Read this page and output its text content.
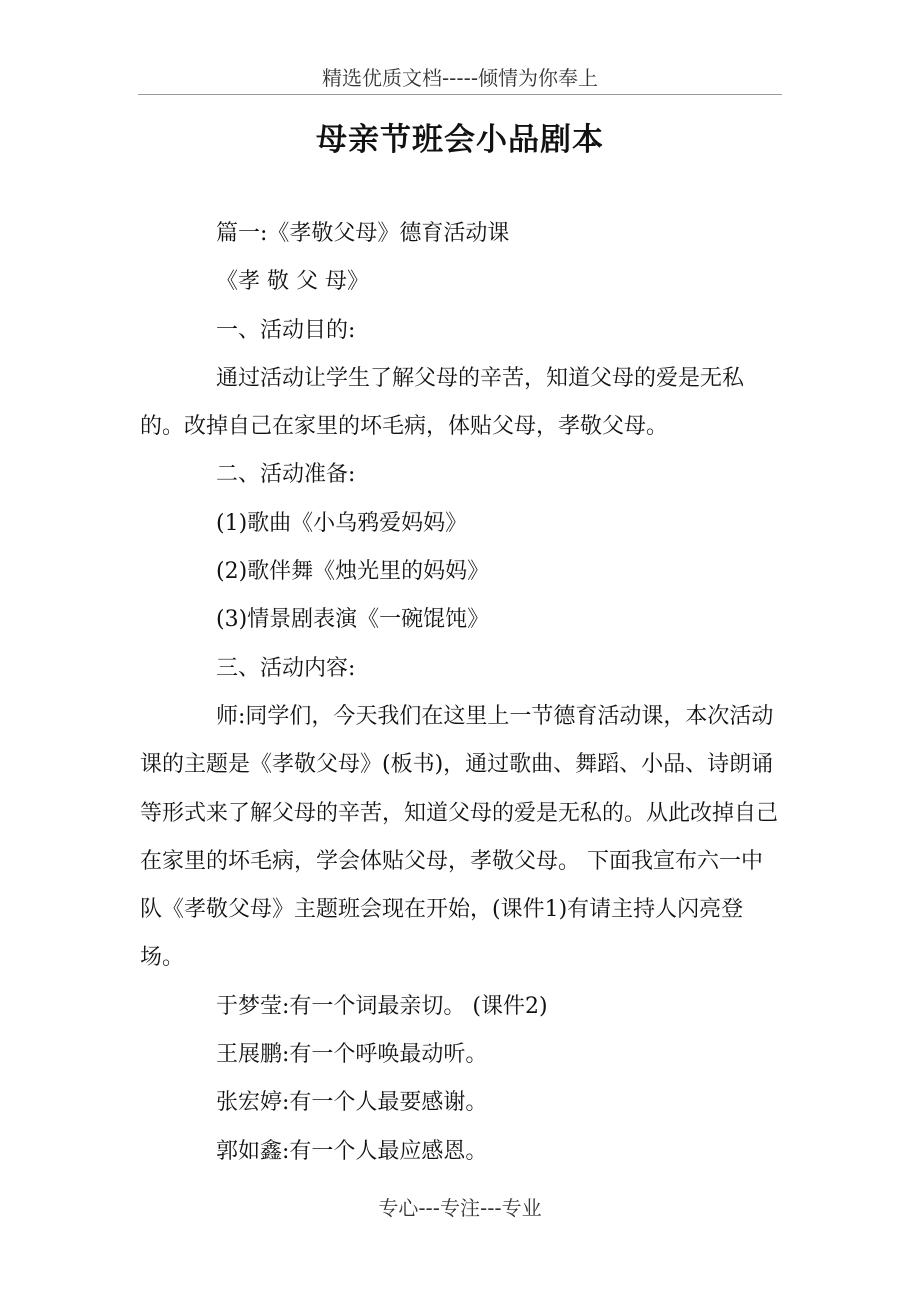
精选优质文档-----倾情为你奉上
母亲节班会小品剧本

篇一:《孝敬父母》德育活动课

《孝 敬 父 母》

一、活动目的:

通过活动让学生了解父母的辛苦，知道父母的爱是无私的。改掉自己在家里的坏毛病，体贴父母，孝敬父母。

二、活动准备:

(1)歌曲《小乌鸦爱妈妈》

(2)歌伴舞《烛光里的妈妈》

(3)情景剧表演《一碗馄饨》

三、活动内容:

师:同学们，今天我们在这里上一节德育活动课，本次活动课的主题是《孝敬父母》(板书)，通过歌曲、舞蹈、小品、诗朗诵等形式来了解父母的辛苦，知道父母的爱是无私的。从此改掉自己在家里的坏毛病，学会体贴父母，孝敬父母。 下面我宣布六一中队《孝敬父母》主题班会现在开始，(课件1)有请主持人闪亮登场。

于梦莹:有一个词最亲切。 (课件2)

王展鹏:有一个呼唤最动听。

张宏婷:有一个人最要感谢。

郭如鑫:有一个人最应感恩。

专心---专注---专业
